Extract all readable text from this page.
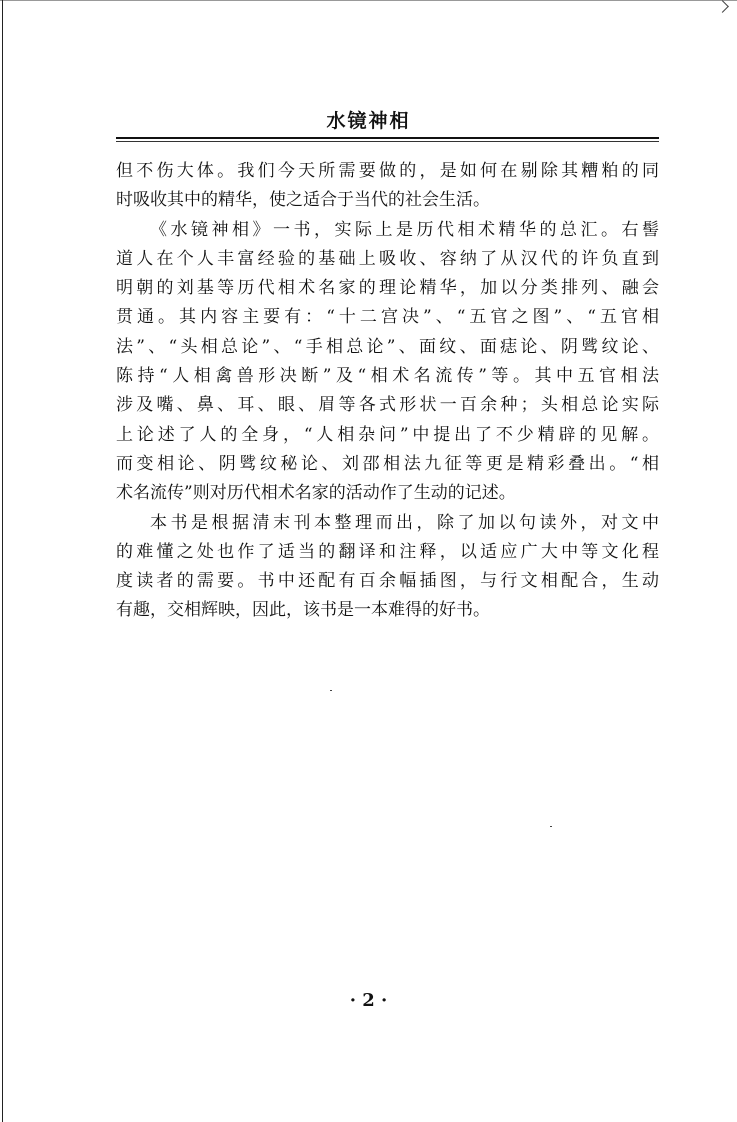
水镜神相
但不伤大体。我们今天所需要做的，是如何在剔除其糟粕的同
时吸收其中的精华，使之适合于当代的社会生活。
《水镜神相》一书，实际上是历代相术精华的总汇。右髻
道人在个人丰富经验的基础上吸收、容纳了从汉代的许负直到
明朝的刘基等历代相术名家的理论精华，加以分类排列、融会
贯通。其内容主要有：“十二宫决”、“五官之图”、“五官相
法”、“头相总论”、“手相总论”、面纹、面痣论、阴骘纹论、
陈持“人相禽兽形决断”及“相术名流传”等。其中五官相法
涉及嘴、鼻、耳、眼、眉等各式形状一百余种；头相总论实际
上论述了人的全身，“人相杂问”中提出了不少精辟的见解。
而变相论、阴骘纹秘论、刘邵相法九征等更是精彩叠出。“相
术名流传”则对历代相术名家的活动作了生动的记述。
本书是根据清末刊本整理而出，除了加以句读外，对文中
的难懂之处也作了适当的翻译和注释，以适应广大中等文化程
度读者的需要。书中还配有百余幅插图，与行文相配合，生动
有趣，交相辉映，因此，该书是一本难得的好书。
· 2 ·
